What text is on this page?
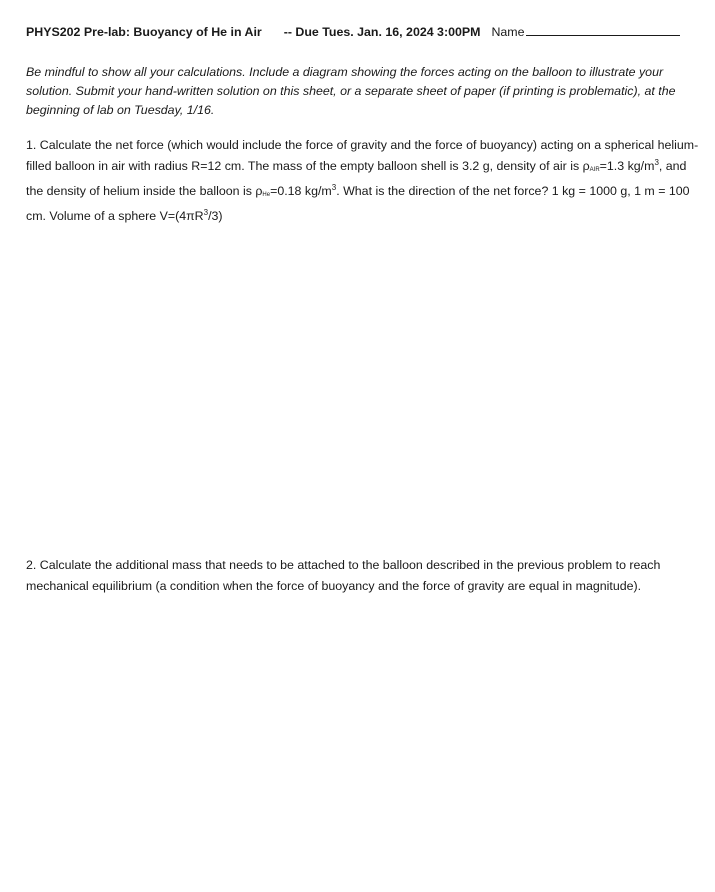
PHYS202 Pre-lab: Buoyancy of He in Air -- Due Tues. Jan. 16, 2024 3:00PM Name
Be mindful to show all your calculations. Include a diagram showing the forces acting on the balloon to illustrate your solution. Submit your hand-written solution on this sheet, or a separate sheet of paper (if printing is problematic), at the beginning of lab on Tuesday, 1/16.
1. Calculate the net force (which would include the force of gravity and the force of buoyancy) acting on a spherical helium-filled balloon in air with radius R=12 cm. The mass of the empty balloon shell is 3.2 g, density of air is $\rho_{AIR}=1.3$ $kg/m^3$, and the density of helium inside the balloon is $\rho_{He}=0.18$ $kg/m^3$. What is the direction of the net force? 1 kg = 1000 g, 1 m = 100 cm. Volume of a sphere $V=(4\pi R^3/3)$
2. Calculate the additional mass that needs to be attached to the balloon described in the previous problem to reach mechanical equilibrium (a condition when the force of buoyancy and the force of gravity are equal in magnitude).
